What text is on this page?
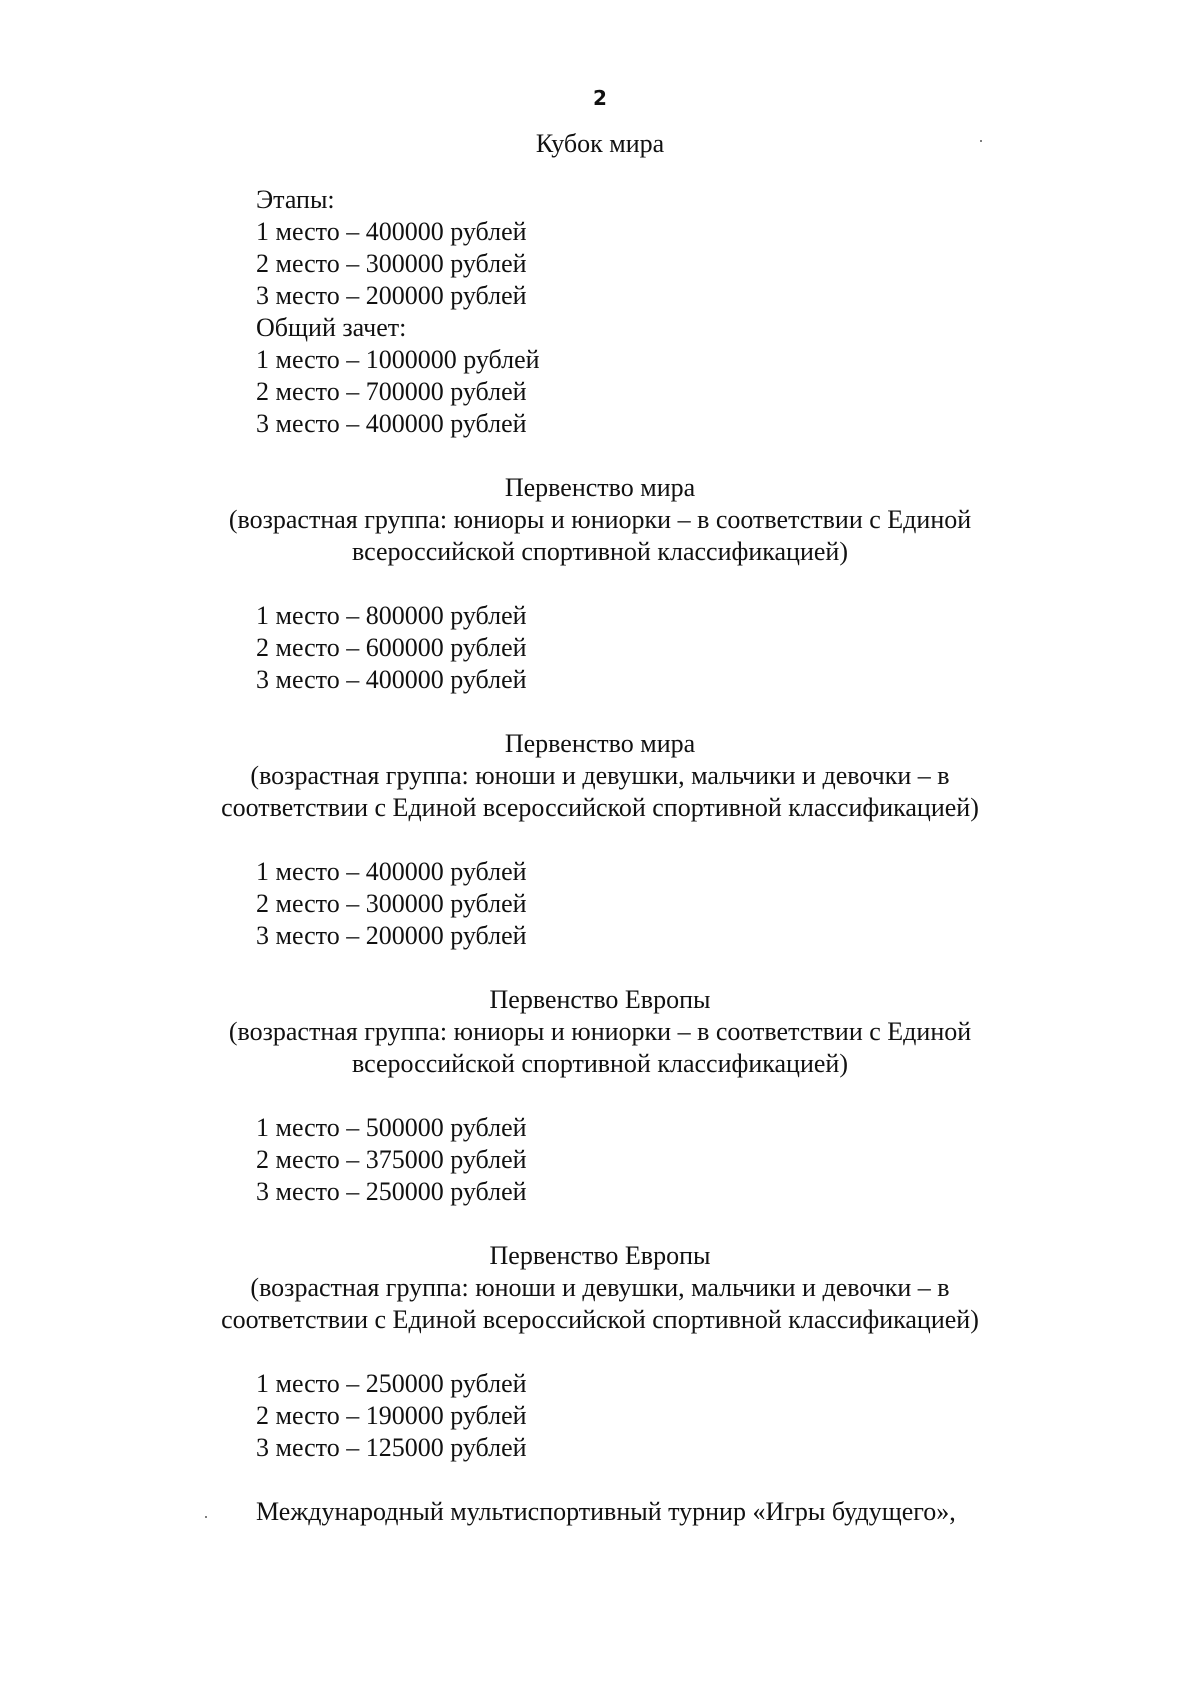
2
Кубок мира
Этапы:
1 место – 400000 рублей
2 место – 300000 рублей
3 место – 200000 рублей
Общий зачет:
1 место – 1000000 рублей
2 место – 700000 рублей
3 место – 400000 рублей
Первенство мира
(возрастная группа: юниоры и юниорки – в соответствии с Единой
всероссийской спортивной классификацией)
1 место – 800000 рублей
2 место – 600000 рублей
3 место – 400000 рублей
Первенство мира
(возрастная группа: юноши и девушки, мальчики и девочки – в
соответствии с Единой всероссийской спортивной классификацией)
1 место – 400000 рублей
2 место – 300000 рублей
3 место – 200000 рублей
Первенство Европы
(возрастная группа: юниоры и юниорки – в соответствии с Единой
всероссийской спортивной классификацией)
1 место – 500000 рублей
2 место – 375000 рублей
3 место – 250000 рублей
Первенство Европы
(возрастная группа: юноши и девушки, мальчики и девочки – в
соответствии с Единой всероссийской спортивной классификацией)
1 место – 250000 рублей
2 место – 190000 рублей
3 место – 125000 рублей
Международный мультиспортивный турнир «Игры будущего»,
